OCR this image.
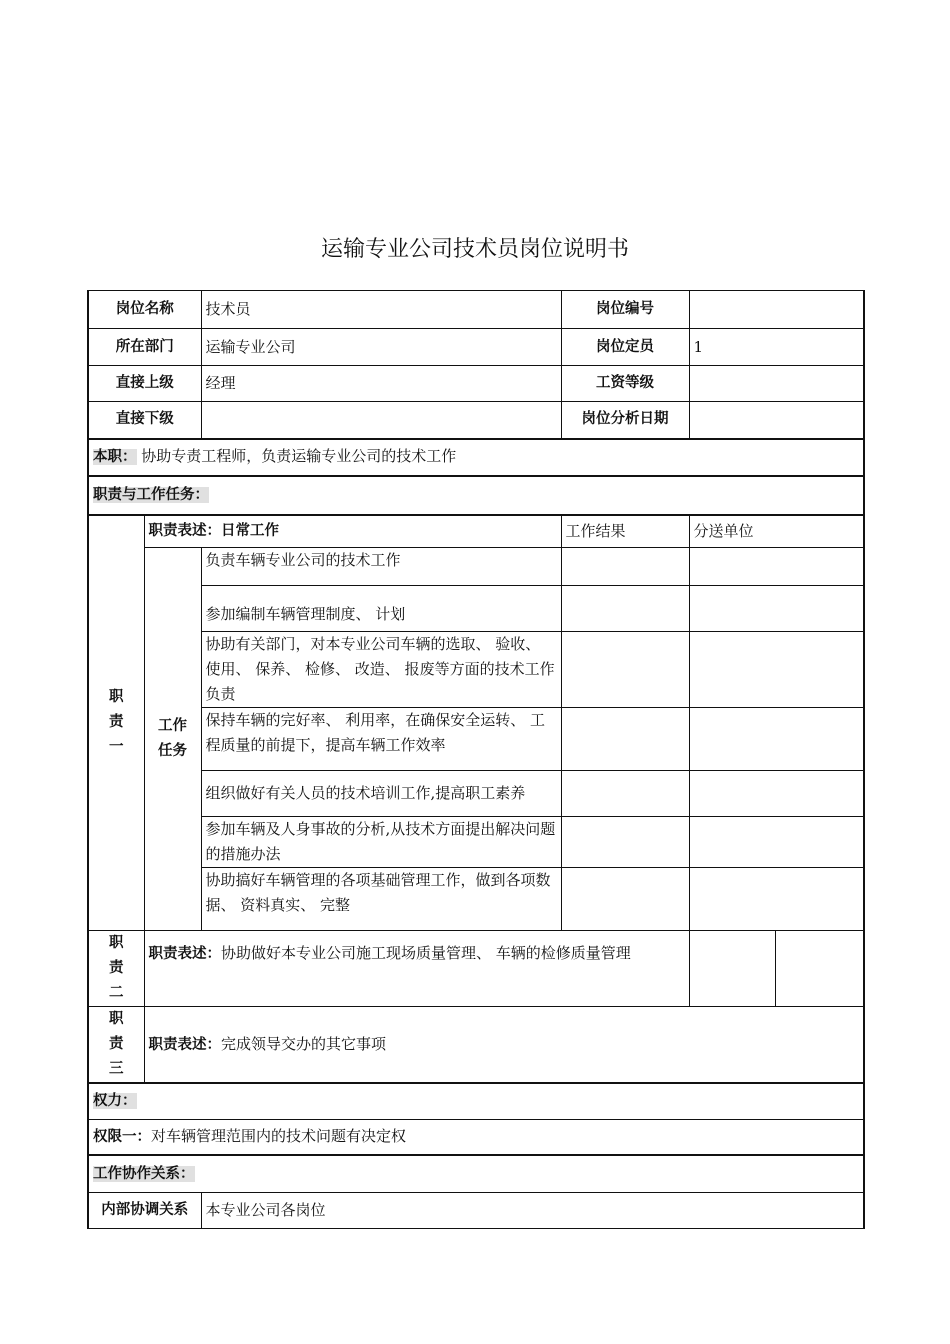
运输专业公司技术员岗位说明书
岗位名称		技术员	岗位编号		
所在部门		运输专业公司	岗位定员	1	
直接上级		经理	工资等级		
直接下级			岗位分析日期		
本职： 协助专责工程师，负责运输专业公司的技术工作					
职责与工作任务：					

职责一	职责表述：日常工作		工作结果	分送单位	

	工作任务	负责车辆专业公司的技术工作			
		参加编制车辆管理制度、 计划			
		协助有关部门，对本专业公司车辆的选取、 验收、 使用、 保养、 检修、 改造、 报废等方面的技术工作负责			
		保持车辆的完好率、 利用率，在确保安全运转、 工程质量的前提下，提高车辆工作效率			
		组织做好有关人员的技术培训工作,提高职工素养			
		参加车辆及人身事故的分析,从技术方面提出解决问题的措施办法			
		协助搞好车辆管理的各项基础管理工作，做到各项数据、 资料真实、 完整			

职责二	职责表述：协助做好本专业公司施工现场质量管理、 车辆的检修质量管理				

职责三	职责表述：完成领导交办的其它事项				
权力：					
权限一：对车辆管理范围内的技术问题有决定权					
工作协作关系：					
内部协调关系		本专业公司各岗位			
